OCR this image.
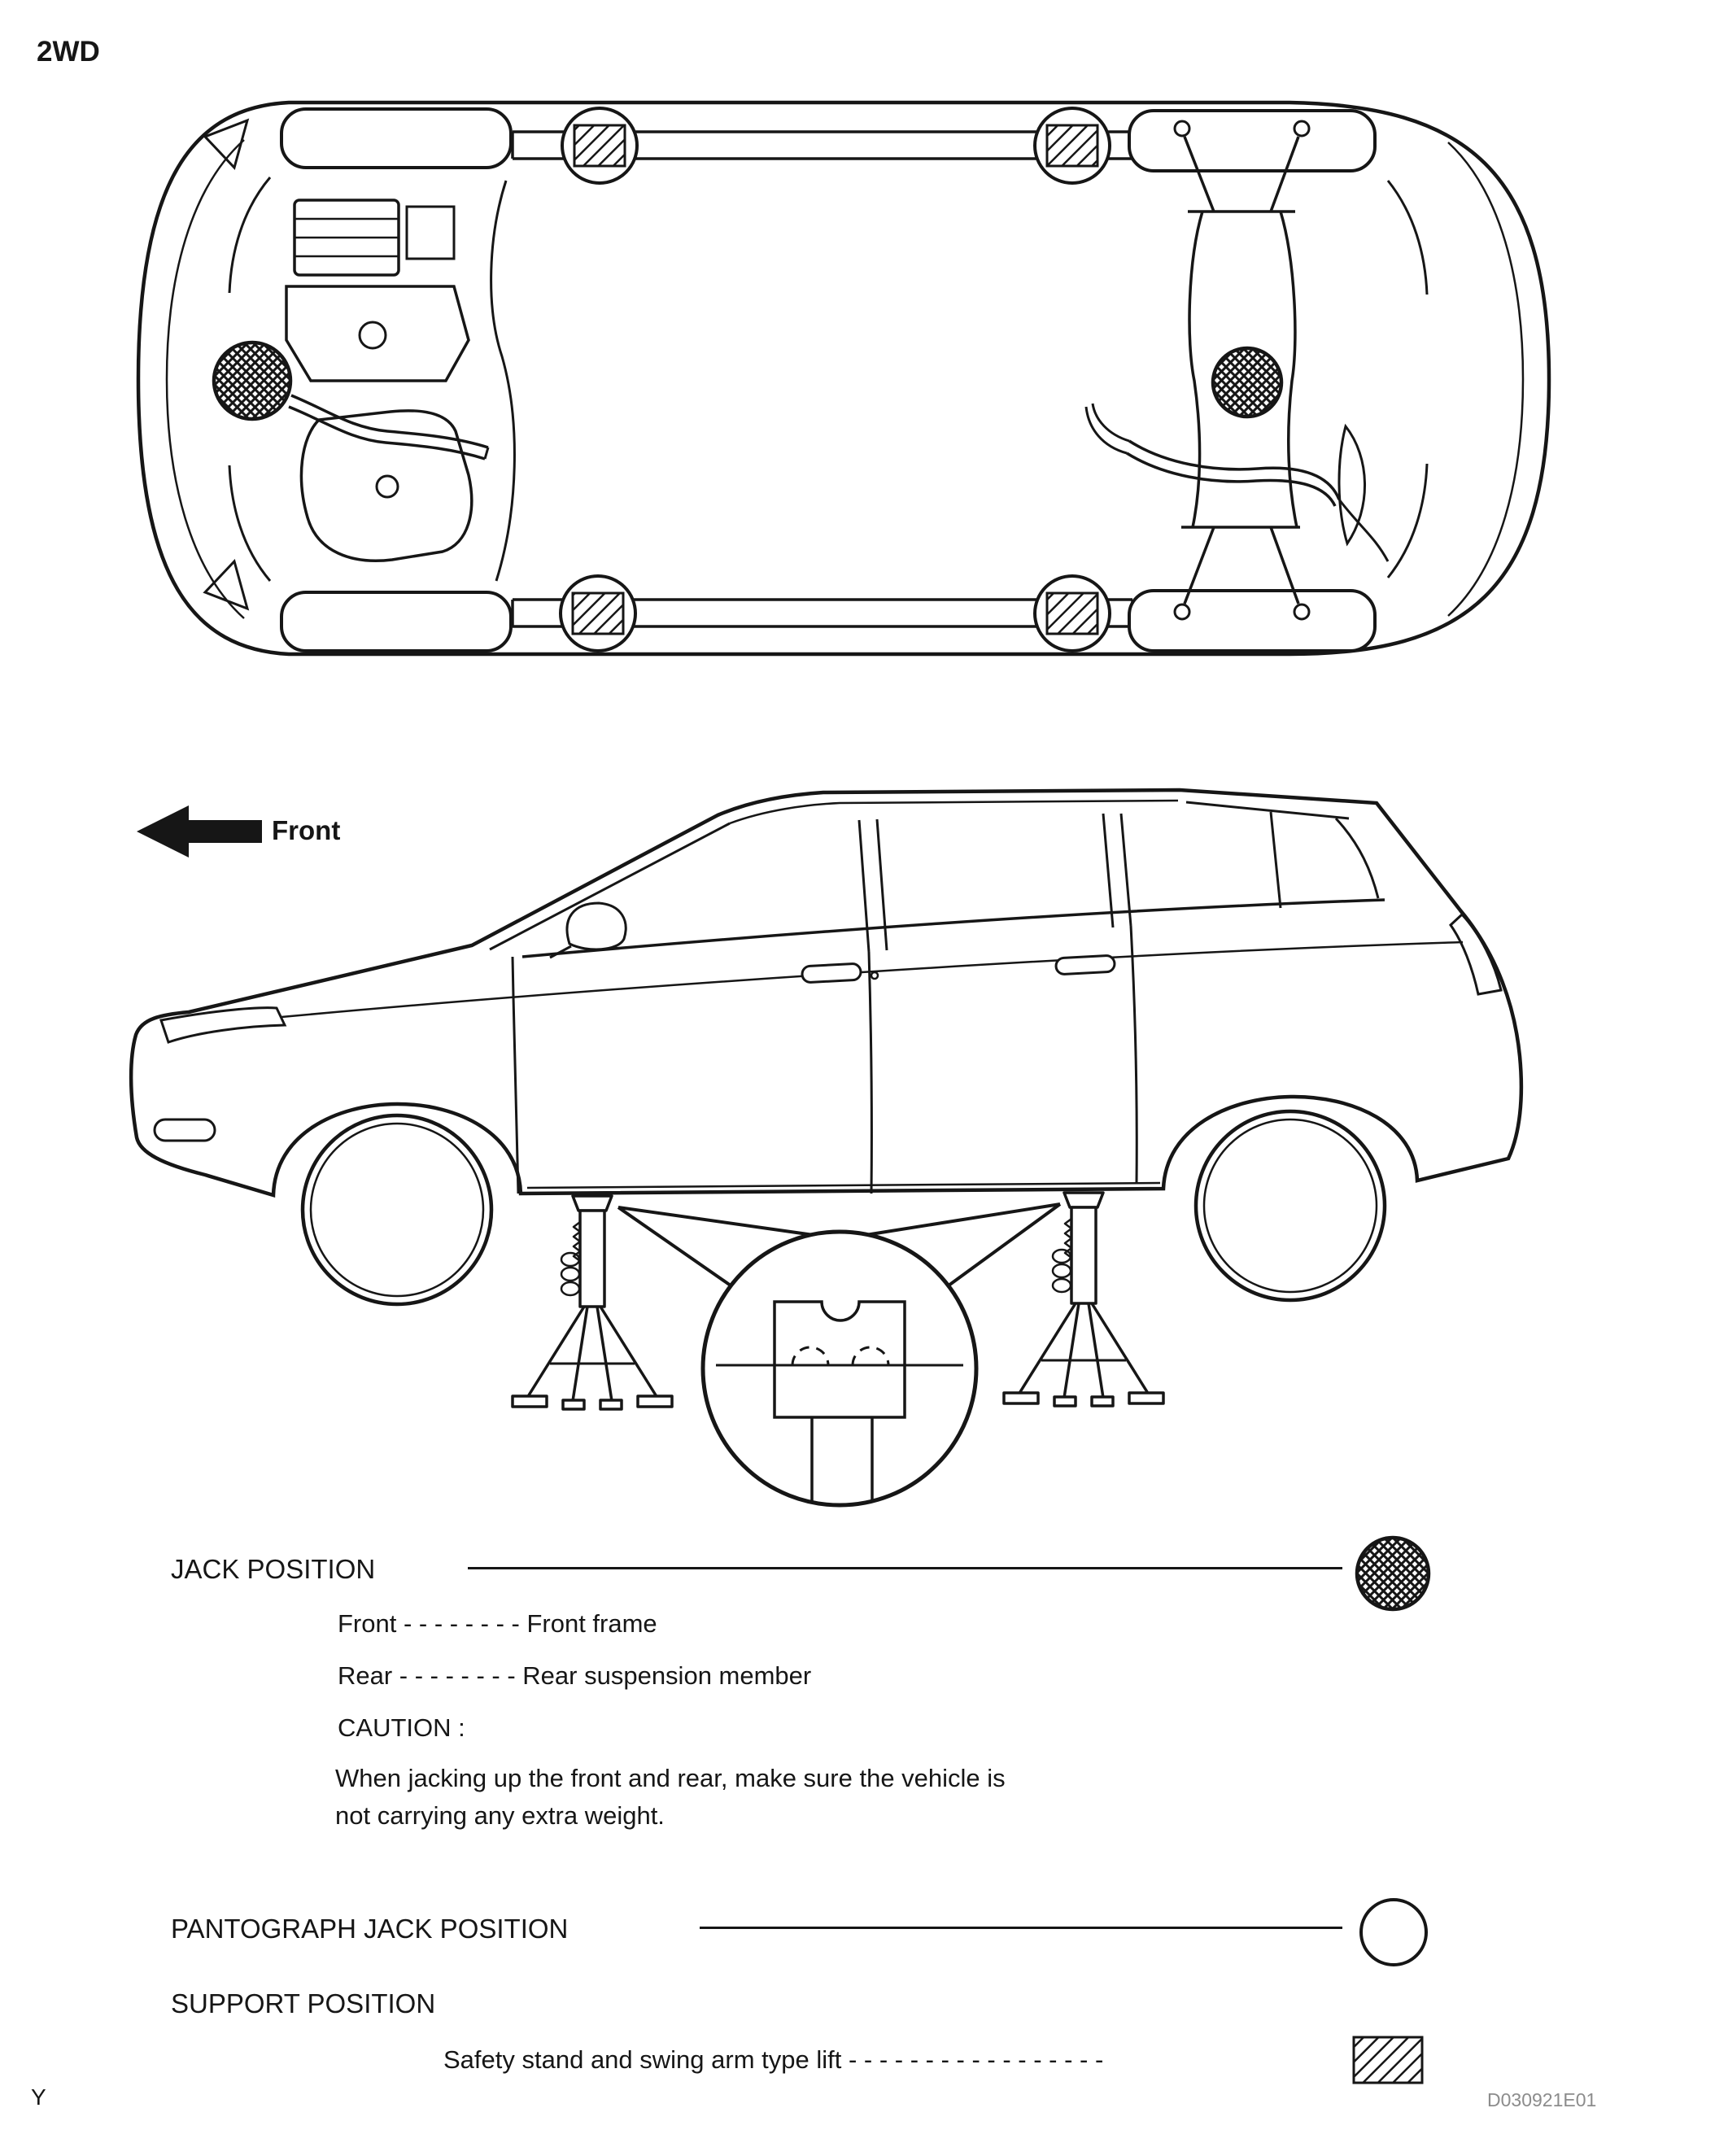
2WD
Front
JACK POSITION
Front - - - - - - - - Front frame
Rear - - - - - - - - Rear suspension member
CAUTION :
When jacking up the front and rear, make sure the vehicle is
not carrying any extra weight.
PANTOGRAPH JACK POSITION
SUPPORT POSITION
Safety stand and swing arm type lift - - - - - - - - - - - - - - - - -
Y	D030921E01
